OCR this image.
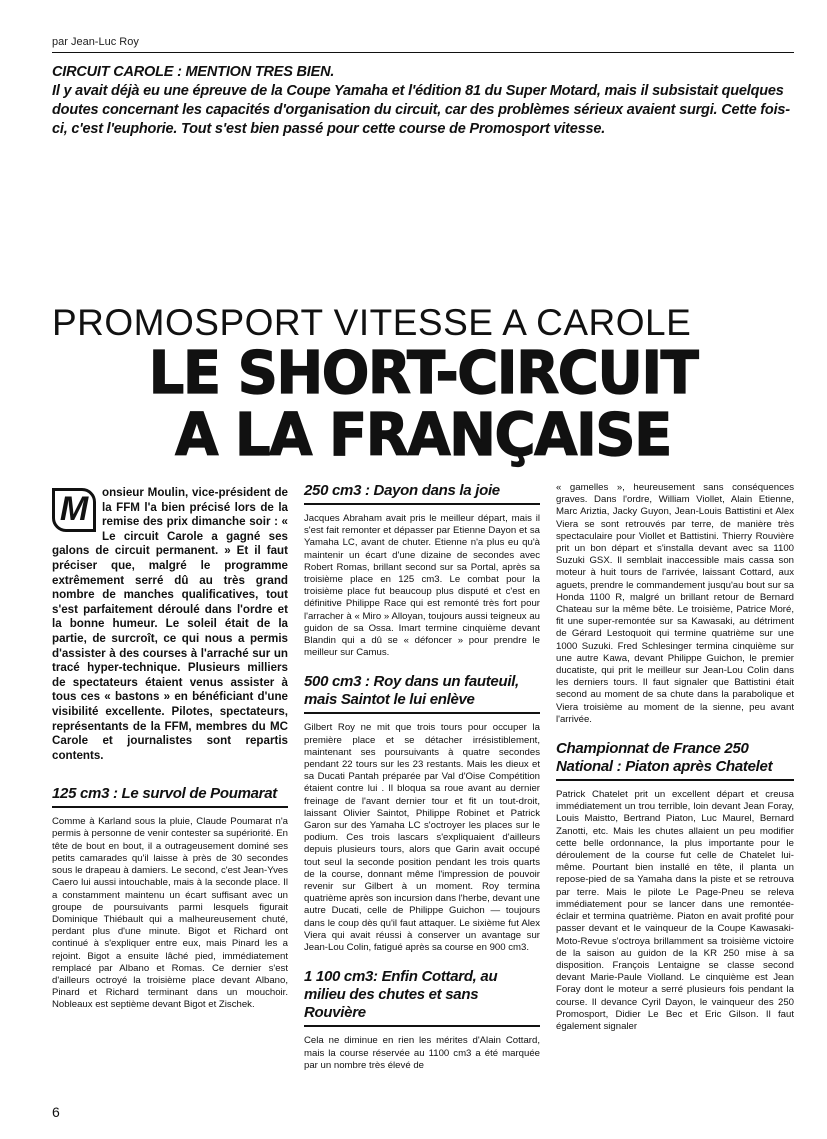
par Jean-Luc Roy
CIRCUIT CAROLE : MENTION TRES BIEN.
Il y avait déjà eu une épreuve de la Coupe Yamaha et l'édition 81 du Super Motard, mais il subsistait quelques doutes concernant les capacités d'organisation du circuit, car des problèmes sérieux avaient surgi. Cette fois-ci, c'est l'euphorie. Tout s'est bien passé pour cette course de Promosport vitesse.
PROMOSPORT VITESSE A CAROLE
LE SHORT-CIRCUIT
A LA FRANÇAISE
M	onsieur Moulin, vice-président de la FFM l'a bien précisé lors de la remise des prix dimanche soir : « Le circuit Carole a gagné ses galons de circuit permanent. » Et il faut préciser que, malgré le programme extrêmement serré dû au très grand nombre de manches qualificatives, tout s'est parfaitement déroulé dans l'ordre et la bonne humeur. Le soleil était de la partie, de surcroît, ce qui nous a permis d'assister à des courses à l'arraché sur un tracé hyper-technique. Plusieurs milliers de spectateurs étaient venus assister à tous ces « bastons » en bénéficiant d'une visibilité excellente. Pilotes, spectateurs, représentants de la FFM, membres du MC Carole et journalistes sont repartis contents.
125 cm3 : Le survol de Poumarat

Comme à Karland sous la pluie, Claude Poumarat n'a permis à personne de venir contester sa supériorité. En tête de bout en bout, il a outrageusement dominé ses petits camarades qu'il laisse à près de 30 secondes sous le drapeau à damiers. Le second, c'est Jean-Yves Caero lui aussi intouchable, mais à la seconde place. Il a constamment maintenu un écart suffisant avec un groupe de poursuivants parmi lesquels figurait Dominique Thiébault qui a malheureusement chuté, perdant plus d'une minute. Bigot et Richard ont continué à s'expliquer entre eux, mais Pinard les a rejoint. Bigot a ensuite lâché pied, immédiatement remplacé par Albano et Romas. Ce dernier s'est d'ailleurs octroyé la troisième place devant Albano, Pinard et Richard terminant dans un mouchoir. Nobleaux est septième devant Bigot et Zischek.

250 cm3 : Dayon dans la joie

Jacques Abraham avait pris le meilleur départ, mais il s'est fait remonter et dépasser par Etienne Dayon et sa Yamaha LC, avant de chuter. Etienne n'a plus eu qu'à maintenir un écart d'une dizaine de secondes avec Robert Romas, brillant second sur sa Portal, après sa troisième place en 125 cm3. Le combat pour la troisième place fut beaucoup plus disputé et c'est en définitive Philippe Race qui est remonté très fort pour l'arracher à « Miro » Alloyan, toujours aussi teigneux au guidon de sa Ossa. Imart termine cinquième devant Blandin qui a dû se « défoncer » pour prendre le meilleur sur Camus.

500 cm3 : Roy dans un fauteuil, mais Saintot le lui enlève

Gilbert Roy ne mit que trois tours pour occuper la première place et se détacher irrésistiblement, maintenant ses poursuivants à quatre secondes pendant 22 tours sur les 23 restants. Mais les dieux et sa Ducati Pantah préparée par Val d'Oise Compétition étaient contre lui . Il bloqua sa roue avant au dernier freinage de l'avant dernier tour et fit un tout-droit, laissant Olivier Saintot, Philippe Robinet et Patrick Garon sur des Yamaha LC s'octroyer les places sur le podium. Ces trois lascars s'expliquaient d'ailleurs depuis plusieurs tours, alors que Garin avait occupé tout seul la seconde position pendant les trois quarts de la course, donnant même l'impression de pouvoir revenir sur Gilbert à un moment. Roy termina quatrième après son incursion dans l'herbe, devant une autre Ducati, celle de Philippe Guichon — toujours dans le coup dès qu'il faut attaquer. Le sixième fut Alex Viera qui avait réussi à conserver un avantage sur Jean-Lou Colin, fatigué après sa course en 900 cm3.

1 100 cm3: Enfin Cottard, au milieu des chutes et sans Rouvière

Cela ne diminue en rien les mérites d'Alain Cottard, mais la course réservée au 1100 cm3 a été marquée par un nombre très élevé de

« gamelles », heureusement sans conséquences graves. Dans l'ordre, William Viollet, Alain Etienne, Marc Ariztia, Jacky Guyon, Jean-Louis Battistini et Alex Viera se sont retrouvés par terre, de manière très spectaculaire pour Viollet et Battistini. Thierry Rouvière prit un bon départ et s'installa devant avec sa 1100 Suzuki GSX. Il semblait inaccessible mais cassa son moteur à huit tours de l'arrivée, laissant Cottard, aux aguets, prendre le commandement jusqu'au bout sur sa Honda 1100 R, malgré un brillant retour de Bernard Chateau sur la même bête. Le troisième, Patrice Moré, fit une super-remontée sur sa Kawasaki, au détriment de Gérard Lestoquoit qui termine quatrième sur une 1000 Suzuki. Fred Schlesinger termina cinquième sur une autre Kawa, devant Philippe Guichon, le premier ducatiste, qui prit le meilleur sur Jean-Lou Colin dans les derniers tours. Il faut signaler que Battistini était second au moment de sa chute dans la parabolique et Viera troisième au moment de la sienne, peu avant l'arrivée.

Championnat de France 250 National : Piaton après Chatelet

Patrick Chatelet prit un excellent départ et creusa immédiatement un trou terrible, loin devant Jean Foray, Louis Maistto, Bertrand Piaton, Luc Maurel, Bernard Zanotti, etc. Mais les chutes allaient un peu modifier cette belle ordonnance, la plus importante pour le déroulement de la course fut celle de Chatelet lui-même. Pourtant bien installé en tête, il planta un repose-pied de sa Yamaha dans la piste et se retrouva par terre. Mais le pilote Le Page-Pneu se releva immédiatement pour se lancer dans une remontée-éclair et termina quatrième. Piaton en avait profité pour passer devant et le vainqueur de la Coupe Kawasaki-Moto-Revue s'octroya brillamment sa troisième victoire de la saison au guidon de la KR 250 mise à sa disposition. François Lentaigne se classe second devant Marie-Paule Violland. Le cinquième est Jean Foray dont le moteur a serré plusieurs fois pendant la course. Il devance Cyril Dayon, le vainqueur des 250 Promosport, Didier Le Bec et Eric Gilson. Il faut également signaler

6
